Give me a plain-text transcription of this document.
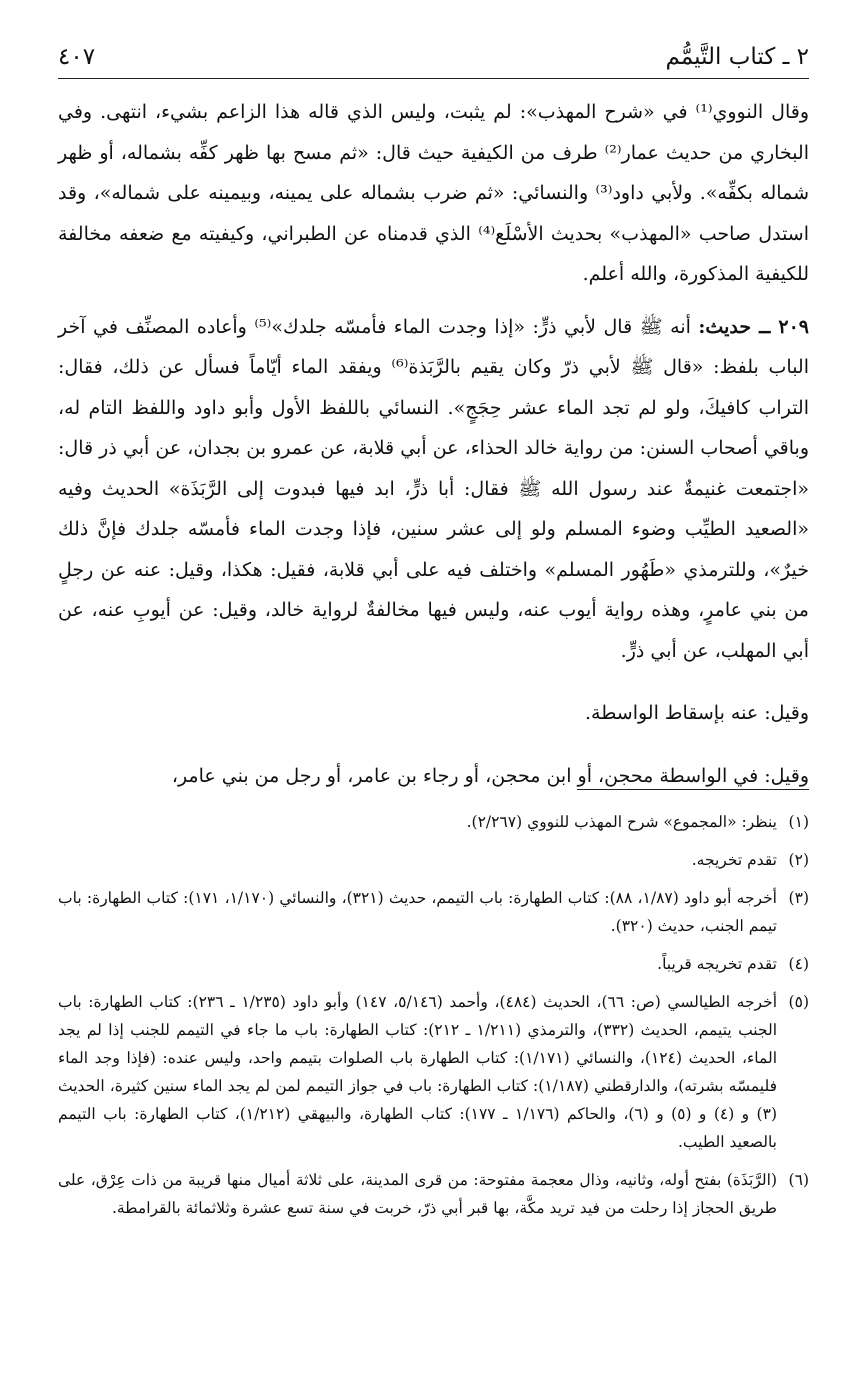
٢ ـ كتاب التَّيمُّم
٤٠٧

وقال النووي⁽¹⁾ في «شرح المهذب»: لم يثبت، وليس الذي قاله هذا الزاعم بشيء، انتهى. وفي البخاري من حديث عمار⁽²⁾ طرف من الكيفية حيث قال: «ثم مسح بها ظهر كفِّه بشماله، أو ظهر شماله بكفِّه». ولأبي داود⁽³⁾ والنسائي: «ثم ضرب بشماله على يمينه، وبيمينه على شماله»، وقد استدل صاحب «المهذب» بحديث الأسْلَع⁽⁴⁾ الذي قدمناه عن الطبراني، وكيفيته مع ضعفه مخالفة للكيفية المذكورة، والله أعلم.

٢٠٩ ــ حديث: أنه ﷺ قال لأبي ذرٍّ: «إذا وجدت الماء فأمسّه جلدك»⁽⁵⁾ وأعاده المصنِّف في آخر الباب بلفظ: «قال ﷺ لأبي ذرّ وكان يقيم بالرَّبَذة⁽⁶⁾ ويفقد الماء أيّاماً فسأل عن ذلك، فقال: التراب كافيكَ، ولو لم تجد الماء عشر حِجَجٍ». النسائي باللفظ الأول وأبو داود واللفظ التام له، وباقي أصحاب السنن: من رواية خالد الحذاء، عن أبي قلابة، عن عمرو بن بجدان، عن أبي ذر قال: «اجتمعت غنيمةٌ عند رسول الله ﷺ فقال: أبا ذرٍّ، ابد فيها فبدوت إلى الرَّبَذَة» الحديث وفيه «الصعيد الطيِّب وضوء المسلم ولو إلى عشر سنين، فإذا وجدت الماء فأمسّه جلدك فإنَّ ذلك خيرٌ»، وللترمذي «طَهُور المسلم» واختلف فيه على أبي قلابة، فقيل: هكذا، وقيل: عنه عن رجلٍ من بني عامرٍ، وهذه رواية أيوب عنه، وليس فيها مخالفةٌ لرواية خالد، وقيل: عن أيوبِ عنه، عن أبي المهلب، عن أبي ذرٍّ.

وقيل: عنه بإسقاط الواسطة.

وقيل: في الواسطة محجن، أو ابن محجن، أو رجاء بن عامر، أو رجل من بني عامر،

(١)
ينظر: «المجموع» شرح المهذب للنووي (٢/٢٦٧).

(٢)
تقدم تخريجه.

(٣)
أخرجه أبو داود (١/٨٧، ٨٨): كتاب الطهارة: باب التيمم، حديث (٣٢١)، والنسائي (١/١٧٠، ١٧١): كتاب الطهارة: باب تيمم الجنب، حديث (٣٢٠).

(٤)
تقدم تخريجه قريباً.

(٥)
أخرجه الطيالسي (ص: ٦٦)، الحديث (٤٨٤)، وأحمد (٥/١٤٦، ١٤٧) وأبو داود (١/٢٣٥ ـ ٢٣٦): كتاب الطهارة: باب الجنب يتيمم، الحديث (٣٣٢)، والترمذي (١/٢١١ ـ ٢١٢): كتاب الطهارة: باب ما جاء في التيمم للجنب إذا لم يجد الماء، الحديث (١٢٤)، والنسائي (١/١٧١): كتاب الطهارة باب الصلوات بتيمم واحد، وليس عنده: (فإذا وجد الماء فليمسّه بشرته)، والدارقطني (١/١٨٧): كتاب الطهارة: باب في جواز التيمم لمن لم يجد الماء سنين كثيرة، الحديث (٣) و (٤) و (٥) و (٦)، والحاكم (١/١٧٦ ـ ١٧٧): كتاب الطهارة، والبيهقي (١/٢١٢)، كتاب الطهارة: باب التيمم بالصعيد الطيب.

(٦)
(الرَّبَذَة) بفتح أوله، وثانيه، وذال معجمة مفتوحة: من قرى المدينة، على ثلاثة أميال منها قريبة من ذات عِرْق، على طريق الحجاز إذا رحلت من فيد تريد مكَّة، بها قبر أبي ذرّ، خربت في سنة تسع عشرة وثلاثمائة بالقرامطة.
